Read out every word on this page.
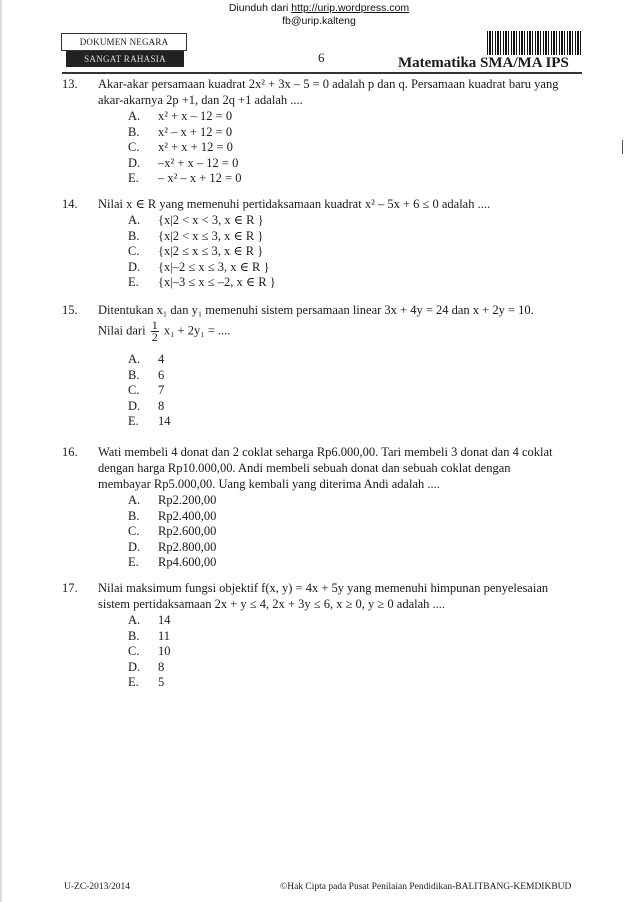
Diunduh dari http://urip.wordpress.com
fb@urip.kalteng
DOKUMEN NEGARA
SANGAT RAHASIA	6	Matematika SMA/MA IPS
13. Akar-akar persamaan kuadrat 2x² + 3x – 5 = 0 adalah p dan q. Persamaan kuadrat baru yang
akar-akarnya 2p +1, dan 2q +1 adalah ....
A. x² + x – 12 = 0
B. x² – x + 12 = 0
C. x² + x + 12 = 0
D. –x² + x – 12 = 0
E. – x² – x + 12 = 0
14. Nilai x ∈ R yang memenuhi pertidaksamaan kuadrat x² – 5x + 6 ≤ 0 adalah ....
A. {x|2 < x < 3, x ∈ R }
B. {x|2 < x ≤ 3, x ∈ R }
C. {x|2 ≤ x ≤ 3, x ∈ R }
D. {x|–2 ≤ x ≤ 3, x ∈ R }
E. {x|–3 ≤ x ≤ –2, x ∈ R }
15. Ditentukan x₁ dan y₁ memenuhi sistem persamaan linear 3x + 4y = 24 dan x + 2y = 10.
Nilai dari $\frac{1}{2} x_1 + 2y_1$ = ....
A. 4
B. 6
C. 7
D. 8
E. 14
16. Wati membeli 4 donat dan 2 coklat seharga Rp6.000,00. Tari membeli 3 donat dan 4 coklat
dengan harga Rp10.000,00. Andi membeli sebuah donat dan sebuah coklat dengan
membayar Rp5.000,00. Uang kembali yang diterima Andi adalah ....
A. Rp2.200,00
B. Rp2.400,00
C. Rp2.600,00
D. Rp2.800,00
E. Rp4.600,00
17. Nilai maksimum fungsi objektif f(x, y) = 4x + 5y yang memenuhi himpunan penyelesaian
sistem pertidaksamaan 2x + y ≤ 4, 2x + 3y ≤ 6, x ≥ 0, y ≥ 0 adalah ....
A. 14
B. 11
C. 10
D. 8
E. 5
U-ZC-2013/2014	©Hak Cipta pada Pusat Penilaian Pendidikan-BALITBANG-KEMDIKBUD
